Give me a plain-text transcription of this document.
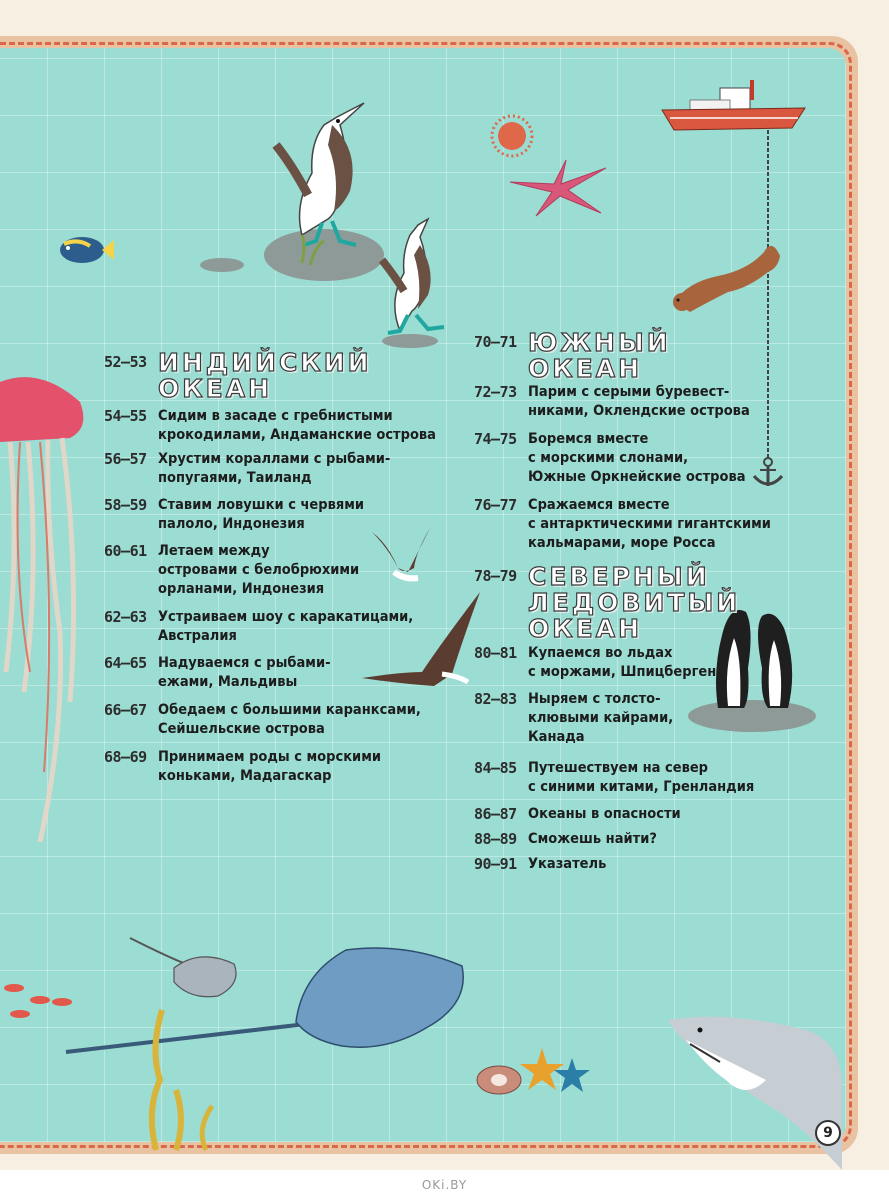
52–53 ИНДИЙСКИЙ
ОКЕАН
54–55 Сидим в засаде с гребнистыми
крокодилами, Андаманские острова
56–57 Хрустим кораллами с рыбами-
попугаями, Таиланд
58–59 Ставим ловушки с червями
палоло, Индонезия
60–61 Летаем между
островами с белобрюхими
орланами, Индонезия
62–63 Устраиваем шоу с каракатицами,
Австралия
64–65 Надуваемся с рыбами-
ежами, Мальдивы
66–67 Обедаем с большими каранксами,
Сейшельские острова
68–69 Принимаем роды с морскими
коньками, Мадагаскар
70–71 ЮЖНЫЙ
ОКЕАН
72–73 Парим с серыми буревест-
никами, Оклендские острова
74–75 Боремся вместе
с морскими слонами,
Южные Оркнейские острова
76–77 Сражаемся вместе
с антарктическими гигантскими
кальмарами, море Росса
78–79 СЕВЕРНЫЙ
ЛЕДОВИТЫЙ
ОКЕАН
80–81 Купаемся во льдах
с моржами, Шпицберген
82–83 Ныряем с толсто-
клювыми кайрами,
Канада
84–85 Путешествуем на север
с синими китами, Гренландия
86–87 Океаны в опасности
88–89 Сможешь найти?
90–91 Указатель
9
OKi.BY
